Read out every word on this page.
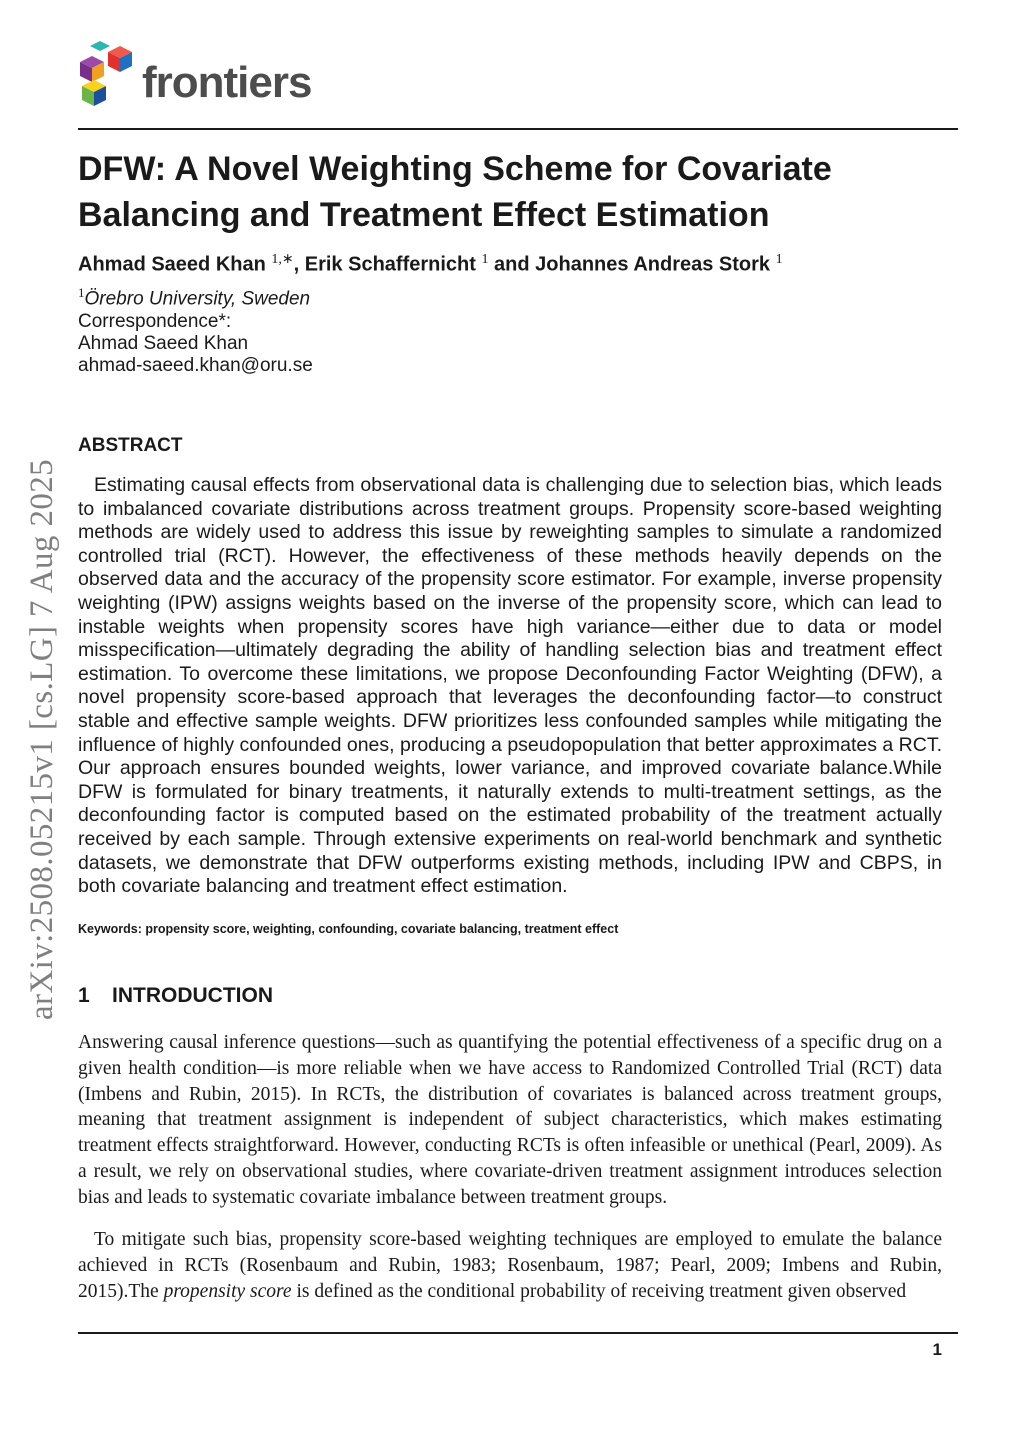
frontiers
DFW: A Novel Weighting Scheme for Covariate Balancing and Treatment Effect Estimation
Ahmad Saeed Khan $^{1,∗}$, Erik Schaffernicht $^1$ and Johannes Andreas Stork $^1$
$^1$Örebro University, Sweden
Correspondence*:
Ahmad Saeed Khan
ahmad-saeed.khan@oru.se
arXiv:2508.05215v1 [cs.LG] 7 Aug 2025
ABSTRACT

Estimating causal effects from observational data is challenging due to selection bias, which leads to imbalanced covariate distributions across treatment groups. Propensity score-based weighting methods are widely used to address this issue by reweighting samples to simulate a randomized controlled trial (RCT). However, the effectiveness of these methods heavily depends on the observed data and the accuracy of the propensity score estimator. For example, inverse propensity weighting (IPW) assigns weights based on the inverse of the propensity score, which can lead to instable weights when propensity scores have high variance—either due to data or model misspecification—ultimately degrading the ability of handling selection bias and treatment effect estimation. To overcome these limitations, we propose Deconfounding Factor Weighting (DFW), a novel propensity score-based approach that leverages the deconfounding factor—to construct stable and effective sample weights. DFW prioritizes less confounded samples while mitigating the influence of highly confounded ones, producing a pseudopopulation that better approximates a RCT. Our approach ensures bounded weights, lower variance, and improved covariate balance.While DFW is formulated for binary treatments, it naturally extends to multi-treatment settings, as the deconfounding factor is computed based on the estimated probability of the treatment actually received by each sample. Through extensive experiments on real-world benchmark and synthetic datasets, we demonstrate that DFW outperforms existing methods, including IPW and CBPS, in both covariate balancing and treatment effect estimation.

Keywords: propensity score, weighting, confounding, covariate balancing, treatment effect
1 INTRODUCTION

Answering causal inference questions—such as quantifying the potential effectiveness of a specific drug on a given health condition—is more reliable when we have access to Randomized Controlled Trial (RCT) data (Imbens and Rubin, 2015). In RCTs, the distribution of covariates is balanced across treatment groups, meaning that treatment assignment is independent of subject characteristics, which makes estimating treatment effects straightforward. However, conducting RCTs is often infeasible or unethical (Pearl, 2009). As a result, we rely on observational studies, where covariate-driven treatment assignment introduces selection bias and leads to systematic covariate imbalance between treatment groups.

To mitigate such bias, propensity score-based weighting techniques are employed to emulate the balance achieved in RCTs (Rosenbaum and Rubin, 1983; Rosenbaum, 1987; Pearl, 2009; Imbens and Rubin, 2015).The propensity score is defined as the conditional probability of receiving treatment given observed

1
